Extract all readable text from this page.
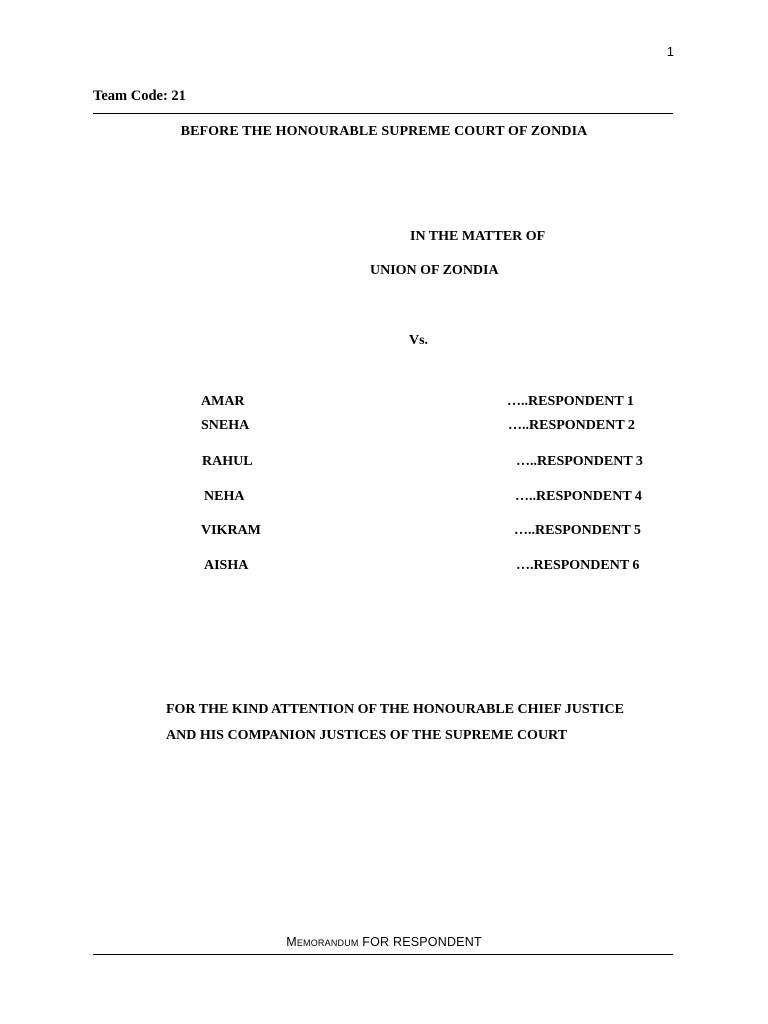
1
Team Code: 21
BEFORE THE HONOURABLE SUPREME COURT OF ZONDIA
IN THE MATTER OF
UNION OF ZONDIA
Vs.
AMAR	…..RESPONDENT 1
SNEHA	…..RESPONDENT 2
RAHUL	…..RESPONDENT 3
NEHA	…..RESPONDENT 4
VIKRAM	…..RESPONDENT 5
AISHA	….RESPONDENT 6
FOR THE KIND ATTENTION OF THE HONOURABLE CHIEF JUSTICE AND HIS COMPANION JUSTICES OF THE SUPREME COURT
Memorandum FOR RESPONDENT
